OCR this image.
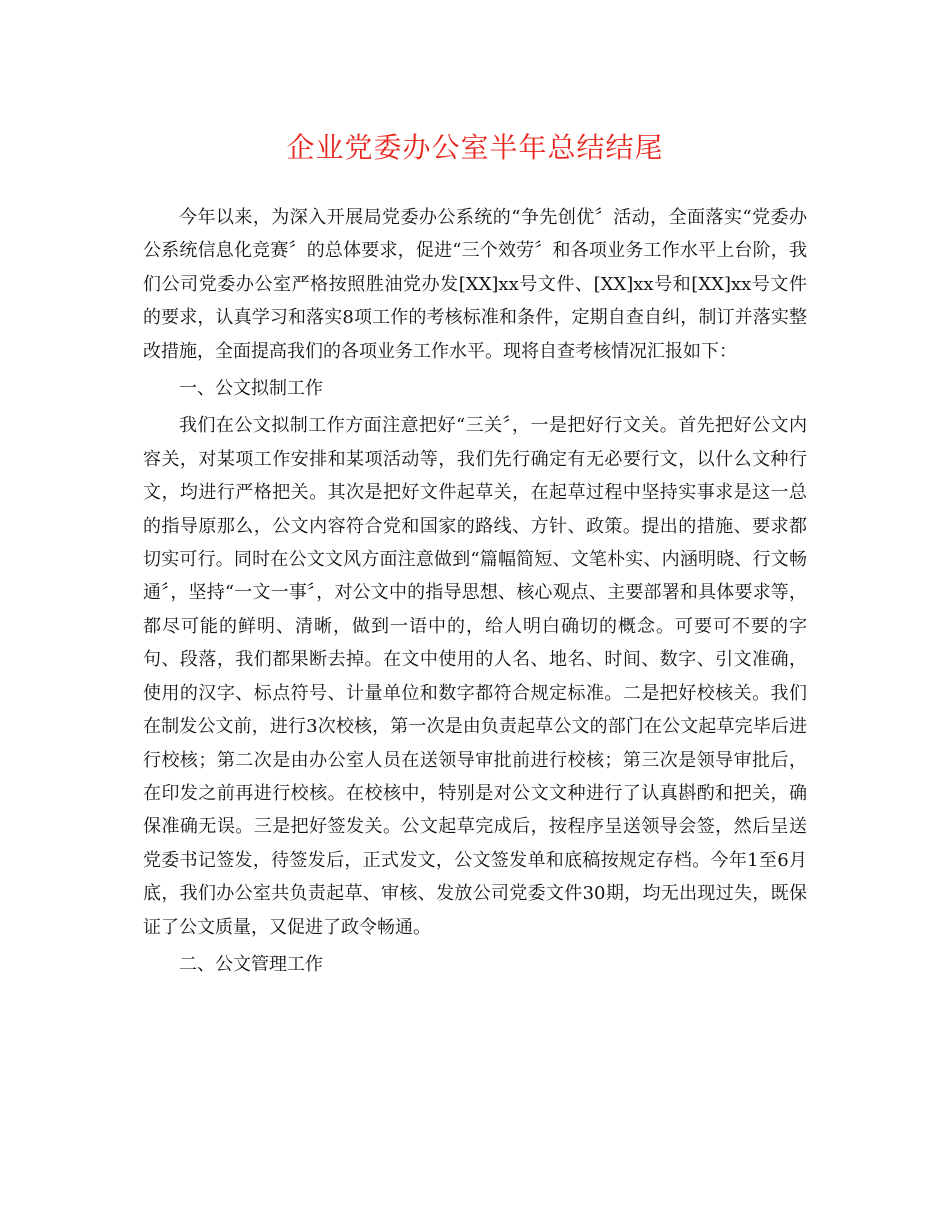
企业党委办公室半年总结结尾

今年以来，为深入开展局党委办公系统的“争先创优〞活动，全面落实“党委办公系统信息化竞赛〞的总体要求，促进“三个效劳〞和各项业务工作水平上台阶，我们公司党委办公室严格按照胜油党办发[XX]xx号文件、[XX]xx号和[XX]xx号文件的要求，认真学习和落实8项工作的考核标准和条件，定期自查自纠，制订并落实整改措施，全面提高我们的各项业务工作水平。现将自查考核情况汇报如下：

一、公文拟制工作

我们在公文拟制工作方面注意把好“三关〞，一是把好行文关。首先把好公文内容关，对某项工作安排和某项活动等，我们先行确定有无必要行文，以什么文种行文，均进行严格把关。其次是把好文件起草关，在起草过程中坚持实事求是这一总的指导原那么，公文内容符合党和国家的路线、方针、政策。提出的措施、要求都切实可行。同时在公文文风方面注意做到“篇幅简短、文笔朴实、内涵明晓、行文畅通〞，坚持“一文一事〞，对公文中的指导思想、核心观点、主要部署和具体要求等，都尽可能的鲜明、清晰，做到一语中的，给人明白确切的概念。可要可不要的字句、段落，我们都果断去掉。在文中使用的人名、地名、时间、数字、引文准确，使用的汉字、标点符号、计量单位和数字都符合规定标准。二是把好校核关。我们在制发公文前，进行3次校核，第一次是由负责起草公文的部门在公文起草完毕后进行校核；第二次是由办公室人员在送领导审批前进行校核；第三次是领导审批后，在印发之前再进行校核。在校核中，特别是对公文文种进行了认真斟酌和把关，确保准确无误。三是把好签发关。公文起草完成后，按程序呈送领导会签，然后呈送党委书记签发，待签发后，正式发文，公文签发单和底稿按规定存档。今年1至6月底，我们办公室共负责起草、审核、发放公司党委文件30期，均无出现过失，既保证了公文质量，又促进了政令畅通。

二、公文管理工作
